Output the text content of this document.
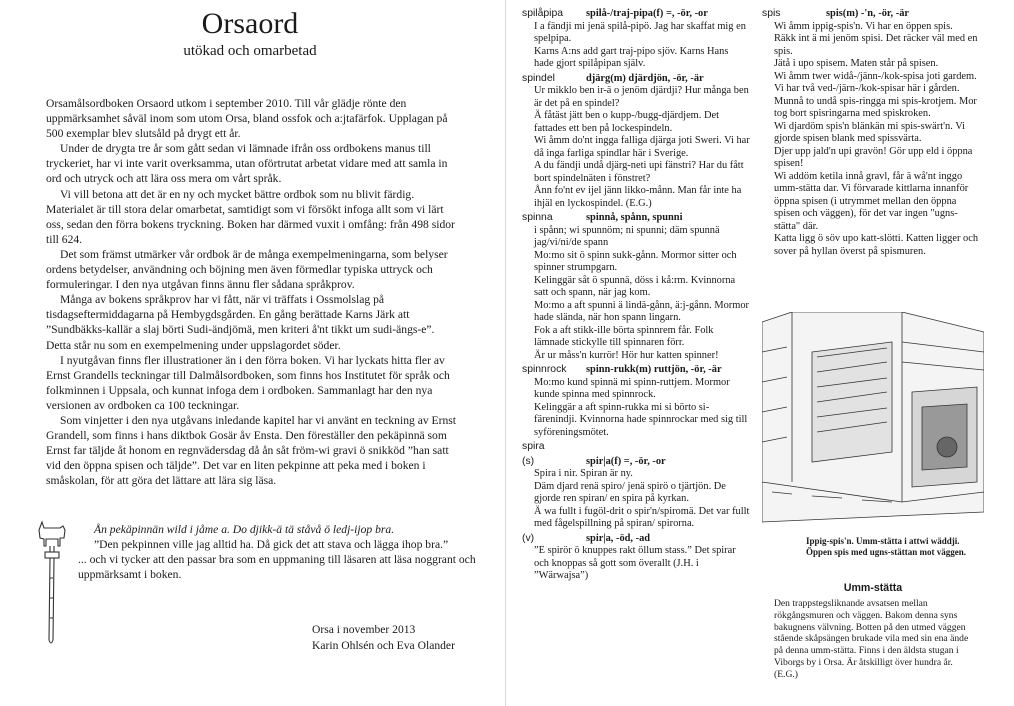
Orsaord
utökad och omarbetad

Orsamålsordboken Orsaord utkom i september 2010. Till vår glädje rönte den uppmärksamhet såväl inom som utom Orsa, bland ossfok och a:jtafärfok. Upplagan på 500 exemplar blev slutsåld på drygt ett år.

Under de drygta tre år som gått sedan vi lämnade ifrån oss ordbokens manus till tryckeriet, har vi inte varit overksamma, utan oförtrutat arbetat vidare med att samla in ord och utryck och att lära oss mera om vårt språk.

Vi vill betona att det är en ny och mycket bättre ordbok som nu blivit färdig. Materialet är till stora delar omarbetat, samtidigt som vi försökt infoga allt som vi lärt oss, sedan den förra bokens tryckning. Boken har därmed vuxit i omfång: från 498 sidor till 624.

Det som främst utmärker vår ordbok är de många exempelmeningarna, som belyser ordens betydelser, användning och böjning men även förmedlar typiska uttryck och formuleringar. I den nya utgåvan finns ännu fler sådana språkprov.

Många av bokens språkprov har vi fått, när vi träffats i Ossmolslag på tisdagseftermiddagarna på Hembygdsgården. En gång berättade Karns Järk att ”Sundbäkks-kallär a slaj börti Sudi-ändjömä, men kriteri å'nt tikkt um sudi-ängs-e”. Detta står nu som en exempelmening under uppslagordet söder.

I nyutgåvan finns fler illustrationer än i den förra boken. Vi har lyckats hitta fler av Ernst Grandells teckningar till Dalmålsordboken, som finns hos Institutet för språk och folkminnen i Uppsala, och kunnat infoga dem i ordboken. Sammanlagt har den nya versionen av ordboken ca 100 teckningar.

Som vinjetter i den nya utgåvans inledande kapitel har vi använt en teckning av Ernst Grandell, som finns i hans diktbok Gosär åv Ensta. Den föreställer den pekäpinnä som Ernst far täljde åt honom en regnvädersdag då ån såt fröm-wi gravi ö snikköd ”han satt vid den öppna spisen och täljde”. Det var en liten pekpinne att peka med i boken i småskolan, för att göra det lättare att lära sig läsa.

Ån pekäpinnän wild i jåme a. Do djikk-ä tä ståvå ö ledj-ijop bra.

”Den pekpinnen ville jag alltid ha. Då gick det att stava och lägga ihop bra.”

... och vi tycker att den passar bra som en uppmaning till läsaren att läsa noggrant och uppmärksamt i boken.

Orsa i november 2013
Karin Ohlsén och Eva Olander
spilåpipa spilå-/traj-pipa(f) =, -ör, -or

I a fändji mi jenä spilå-pipö. Jag har skaffat mig en spelpipa.

Karns A:ns add gart traj-pipo sjöv. Karns Hans hade gjort spilåpipan själv.

spindel	djärg(m) djärdjön, -ör, -är

Ur mikklo ben ir-ä o jenöm djärdji? Hur många ben är det på en spindel?

Ä fåtäst jätt ben o kupp-/bugg-djärdjem. Det fattades ett ben på lockespindeln.

Wi åmm do'nt ingga falliga djärga joti Sweri. Vi har då inga farliga spindlar här i Sverige.

A du fändji undå djärg-neti upi fänstri? Har du fått bort spindelnäten i fönstret?

Ånn fo'nt ev ijel jänn likko-månn. Man får inte ha ihjäl en lyckospindel. (E.G.)

spinna	spinnå, spånn, spunni

i spånn; wi spunnöm; ni spunni; däm spunnä jag/vi/ni/de spann

Mo:mo sit ö spinn sukk-gånn. Mormor sitter och spinner strumpgarn.

Kelinggär såt ö spunnä, döss i kå:rm. Kvinnorna satt och spann, när jag kom.

Mo:mo a aft spunni ä lindä-gånn, ä:j-gånn. Mormor hade slända, när hon spann lingarn.

Fok a aft stikk-ille börta spinnrem får. Folk lämnade stickylle till spinnaren förr.

Är ur måss'n kurrör! Hör hur katten spinner!

spinnrock spinn-rukk(m) ruttjön, -ör, -är

Mo:mo kund spinnä mi spinn-ruttjem. Mormor kunde spinna med spinnrock.

Kelinggär a aft spinn-rukka mi si börto si-färenindji. Kvinnorna hade spinnrockar med sig till syföreningsmötet.

spira
(s)	spir|a(f) =, -ör, -or

Spira i nir. Spiran är ny.

Däm djard renä spiro/ jenä spirö o tjärtjön. De gjorde ren spiran/ en spira på kyrkan.

Ä wa fullt i fugöl-drit o spir'n/spiromä. Det var fullt med fågelspillning på spiran/ spirorna.

(v)	spir|a, -öd, -ad

”E spirör ö knuppes rakt öllum stass.” Det spirar och knoppas så gott som överallt (J.H. i ”Wärwajsa”)

spis	spis(m) -'n, -ör, -är

Wi åmm ippig-spis'n. Vi har en öppen spis.

Räkk int ä mi jenöm spisi. Det räcker väl med en spis.

Jätå i upo spisem. Maten står på spisen.

Wi åmm twer widå-/jänn-/kok-spisa joti gardem. Vi har två ved-/järn-/kok-spisar här i gården.

Munnå to undå spis-ringga mi spis-krotjem. Mor tog bort spisringarna med spiskroken.

Wi djardöm spis'n blänkän mi spis-swärt'n. Vi gjorde spisen blank med spissvärta.

Djer upp jald'n upi gravön! Gör upp eld i öppna spisen!

Wi addöm ketila innå gravl, får ä wå'nt inggo umm-stätta dar. Vi förvarade kittlarna innanför öppna spisen (i utrymmet mellan den öppna spisen och väggen), för det var ingen "ugns-stätta" där.

Katta ligg ö söv upo katt-slötti. Katten ligger och sover på hyllan överst på spismuren.

Ippig-spis'n. Umm-stätta i attwi wäddji. Öppen spis med ugns-stättan mot väggen.
Umm-stätta
Den trappstegsliknande avsatsen mellan rökgångsmuren och väggen. Bakom denna syns bakugnens välvning. Botten på den utmed väggen stående skåpsängen brukade vila med sin ena ände på denna umm-stätta. Finns i den äldsta stugan i Viborgs by i Orsa. Är åtskilligt över hundra år. (E.G.)
